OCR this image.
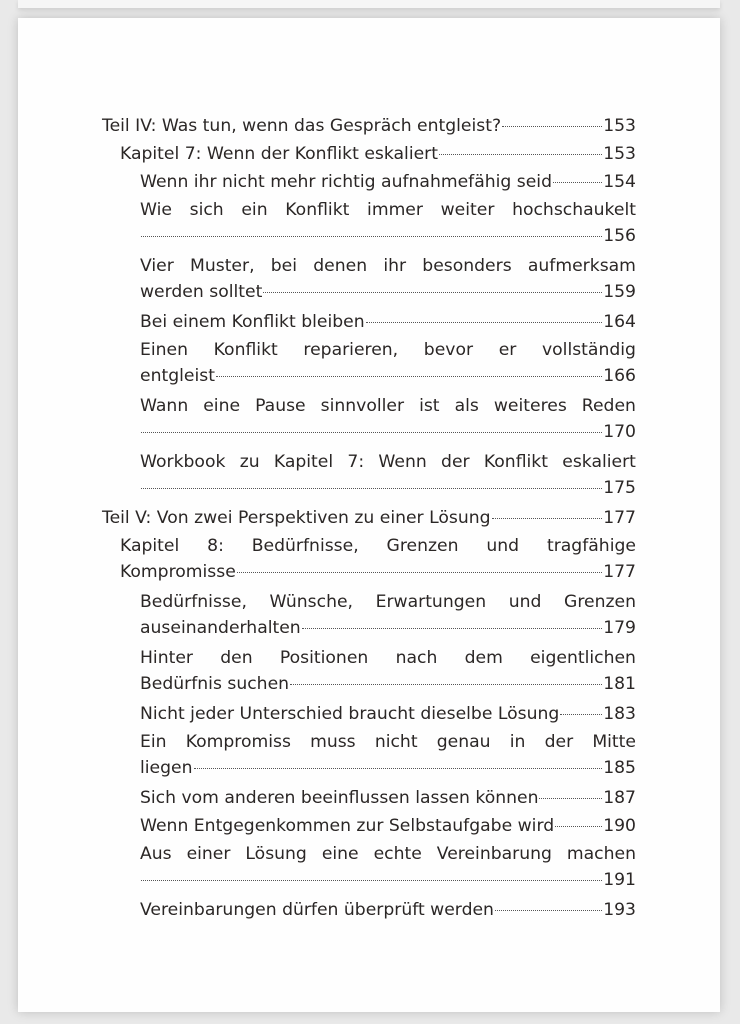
Teil IV: Was tun, wenn das Gespräch entgleist?	153
Kapitel 7: Wenn der Konflikt eskaliert	153
Wenn ihr nicht mehr richtig aufnahmefähig seid	154
Wie sich ein Konflikt immer weiter hochschaukelt
156
Vier Muster, bei denen ihr besonders aufmerksam
werden solltet	159
Bei einem Konflikt bleiben	164
Einen Konflikt reparieren, bevor er vollständig
entgleist	166
Wann eine Pause sinnvoller ist als weiteres Reden
170
Workbook zu Kapitel 7: Wenn der Konflikt eskaliert
175
Teil V: Von zwei Perspektiven zu einer Lösung	177
Kapitel 8: Bedürfnisse, Grenzen und tragfähige
Kompromisse	177
Bedürfnisse, Wünsche, Erwartungen und Grenzen
auseinanderhalten	179
Hinter den Positionen nach dem eigentlichen
Bedürfnis suchen	181
Nicht jeder Unterschied braucht dieselbe Lösung	183
Ein Kompromiss muss nicht genau in der Mitte
liegen	185
Sich vom anderen beeinflussen lassen können	187
Wenn Entgegenkommen zur Selbstaufgabe wird	190
Aus einer Lösung eine echte Vereinbarung machen
191
Vereinbarungen dürfen überprüft werden	193
